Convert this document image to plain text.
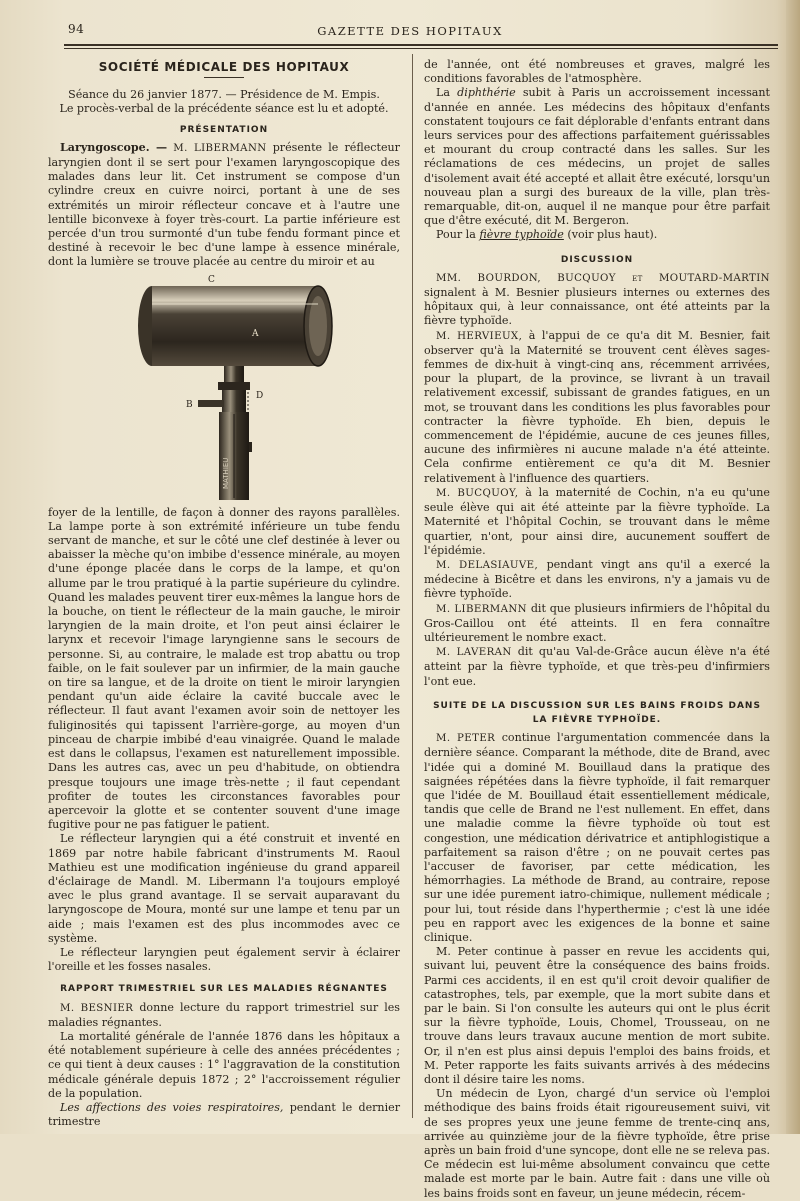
94	GAZETTE DES HOPITAUX
SOCIÉTÉ MÉDICALE DES HOPITAUX

Séance du 26 janvier 1877. — Présidence de M. Empis.

Le procès-verbal de la précédente séance est lu et adopté.

PRÉSENTATION

Laryngoscope. — M. LIBERMANN présente le réflecteur laryngien dont il se sert pour l'examen laryngoscopique des malades dans leur lit. Cet instrument se compose d'un cylindre creux en cuivre noirci, portant à une de ses extrémités un miroir réflecteur concave et à l'autre une lentille biconvexe à foyer très-court. La partie inférieure est percée d'un trou surmonté d'un tube fendu formant pince et destiné à recevoir le bec d'une lampe à essence minérale, dont la lumière se trouve placée au centre du miroir et au

C
A
B
D
MATHIEU

foyer de la lentille, de façon à donner des rayons parallèles. La lampe porte à son extrémité inférieure un tube fendu servant de manche, et sur le côté une clef destinée à lever ou abaisser la mèche qu'on imbibe d'essence minérale, au moyen d'une éponge placée dans le corps de la lampe, et qu'on allume par le trou pratiqué à la partie supérieure du cylindre. Quand les malades peuvent tirer eux-mêmes la langue hors de la bouche, on tient le réflecteur de la main gauche, le miroir laryngien de la main droite, et l'on peut ainsi éclairer le larynx et recevoir l'image laryngienne sans le secours de personne. Si, au contraire, le malade est trop abattu ou trop faible, on le fait soulever par un infirmier, de la main gauche on tire sa langue, et de la droite on tient le miroir laryngien pendant qu'un aide éclaire la cavité buccale avec le réflecteur. Il faut avant l'examen avoir soin de nettoyer les fuliginosités qui tapissent l'arrière-gorge, au moyen d'un pinceau de charpie imbibé d'eau vinaigrée. Quand le malade est dans le collapsus, l'examen est naturellement impossible. Dans les autres cas, avec un peu d'habitude, on obtiendra presque toujours une image très-nette ; il faut cependant profiter de toutes les circonstances favorables pour apercevoir la glotte et se contenter souvent d'une image fugitive pour ne pas fatiguer le patient.

Le réflecteur laryngien qui a été construit et inventé en 1869 par notre habile fabricant d'instruments M. Raoul Mathieu est une modification ingénieuse du grand appareil d'éclairage de Mandl. M. Libermann l'a toujours employé avec le plus grand avantage. Il se servait auparavant du laryngoscope de Moura, monté sur une lampe et tenu par un aide ; mais l'examen est des plus incommodes avec ce système.

Le réflecteur laryngien peut également servir à éclairer l'oreille et les fosses nasales.

RAPPORT TRIMESTRIEL SUR LES MALADIES RÉGNANTES

M. BESNIER donne lecture du rapport trimestriel sur les maladies régnantes.

La mortalité générale de l'année 1876 dans les hôpitaux a été notablement supérieure à celle des années précédentes ; ce qui tient à deux causes : 1° l'aggravation de la constitution médicale générale depuis 1872 ; 2° l'accroissement régulier de la population.

Les affections des voies respiratoires, pendant le dernier trimestre

de l'année, ont été nombreuses et graves, malgré les conditions favorables de l'atmosphère.

La diphthérie subit à Paris un accroissement incessant d'année en année. Les médecins des hôpitaux d'enfants constatent toujours ce fait déplorable d'enfants entrant dans leurs services pour des affections parfaitement guérissables et mourant du croup contracté dans les salles. Sur les réclamations de ces médecins, un projet de salles d'isolement avait été accepté et allait être exécuté, lorsqu'un nouveau plan a surgi des bureaux de la ville, plan très-remarquable, dit-on, auquel il ne manque pour être parfait que d'être exécuté, dit M. Bergeron.

Pour la fièvre typhoïde (voir plus haut).

DISCUSSION

MM. BOURDON, BUCQUOY et MOUTARD-MARTIN signalent à M. Besnier plusieurs internes ou externes des hôpitaux qui, à leur connaissance, ont été atteints par la fièvre typhoïde.

M. HERVIEUX, à l'appui de ce qu'a dit M. Besnier, fait observer qu'à la Maternité se trouvent cent élèves sages-femmes de dix-huit à vingt-cinq ans, récemment arrivées, pour la plupart, de la province, se livrant à un travail relativement excessif, subissant de grandes fatigues, en un mot, se trouvant dans les conditions les plus favorables pour contracter la fièvre typhoïde. Eh bien, depuis le commencement de l'épidémie, aucune de ces jeunes filles, aucune des infirmières ni aucune malade n'a été atteinte. Cela confirme entièrement ce qu'a dit M. Besnier relativement à l'influence des quartiers.

M. BUCQUOY, à la maternité de Cochin, n'a eu qu'une seule élève qui ait été atteinte par la fièvre typhoïde. La Maternité et l'hôpital Cochin, se trouvant dans le même quartier, n'ont, pour ainsi dire, aucunement souffert de l'épidémie.

M. DELASIAUVE, pendant vingt ans qu'il a exercé la médecine à Bicêtre et dans les environs, n'y a jamais vu de fièvre typhoïde.

M. LIBERMANN dit que plusieurs infirmiers de l'hôpital du Gros-Caillou ont été atteints. Il en fera connaître ultérieurement le nombre exact.

M. LAVERAN dit qu'au Val-de-Grâce aucun élève n'a été atteint par la fièvre typhoïde, et que très-peu d'infirmiers l'ont eue.

SUITE DE LA DISCUSSION SUR LES BAINS FROIDS DANS LA FIÈVRE TYPHOÏDE.

M. PETER continue l'argumentation commencée dans la dernière séance. Comparant la méthode, dite de Brand, avec l'idée qui a dominé M. Bouillaud dans la pratique des saignées répétées dans la fièvre typhoïde, il fait remarquer que l'idée de M. Bouillaud était essentiellement médicale, tandis que celle de Brand ne l'est nullement. En effet, dans une maladie comme la fièvre typhoïde où tout est congestion, une médication dérivatrice et antiphlogistique a parfaitement sa raison d'être ; on ne pouvait certes pas l'accuser de favoriser, par cette médication, les hémorrhagies. La méthode de Brand, au contraire, repose sur une idée purement iatro-chimique, nullement médicale ; pour lui, tout réside dans l'hyperthermie ; c'est là une idée peu en rapport avec les exigences de la bonne et saine clinique.

M. Peter continue à passer en revue les accidents qui, suivant lui, peuvent être la conséquence des bains froids. Parmi ces accidents, il en est qu'il croit devoir qualifier de catastrophes, tels, par exemple, que la mort subite dans et par le bain. Si l'on consulte les auteurs qui ont le plus écrit sur la fièvre typhoïde, Louis, Chomel, Trousseau, on ne trouve dans leurs travaux aucune mention de mort subite. Or, il n'en est plus ainsi depuis l'emploi des bains froids, et M. Peter rapporte les faits suivants arrivés à des médecins dont il désire taire les noms.

Un médecin de Lyon, chargé d'un service où l'emploi méthodique des bains froids était rigoureusement suivi, vit de ses propres yeux une jeune femme de trente-cinq ans, arrivée au quinzième jour de la fièvre typhoïde, être prise après un bain froid d'une syncope, dont elle ne se releva pas. Ce médecin est lui-même absolument convaincu que cette malade est morte par le bain. Autre fait : dans une ville où les bains froids sont en faveur, un jeune médecin, récem-
